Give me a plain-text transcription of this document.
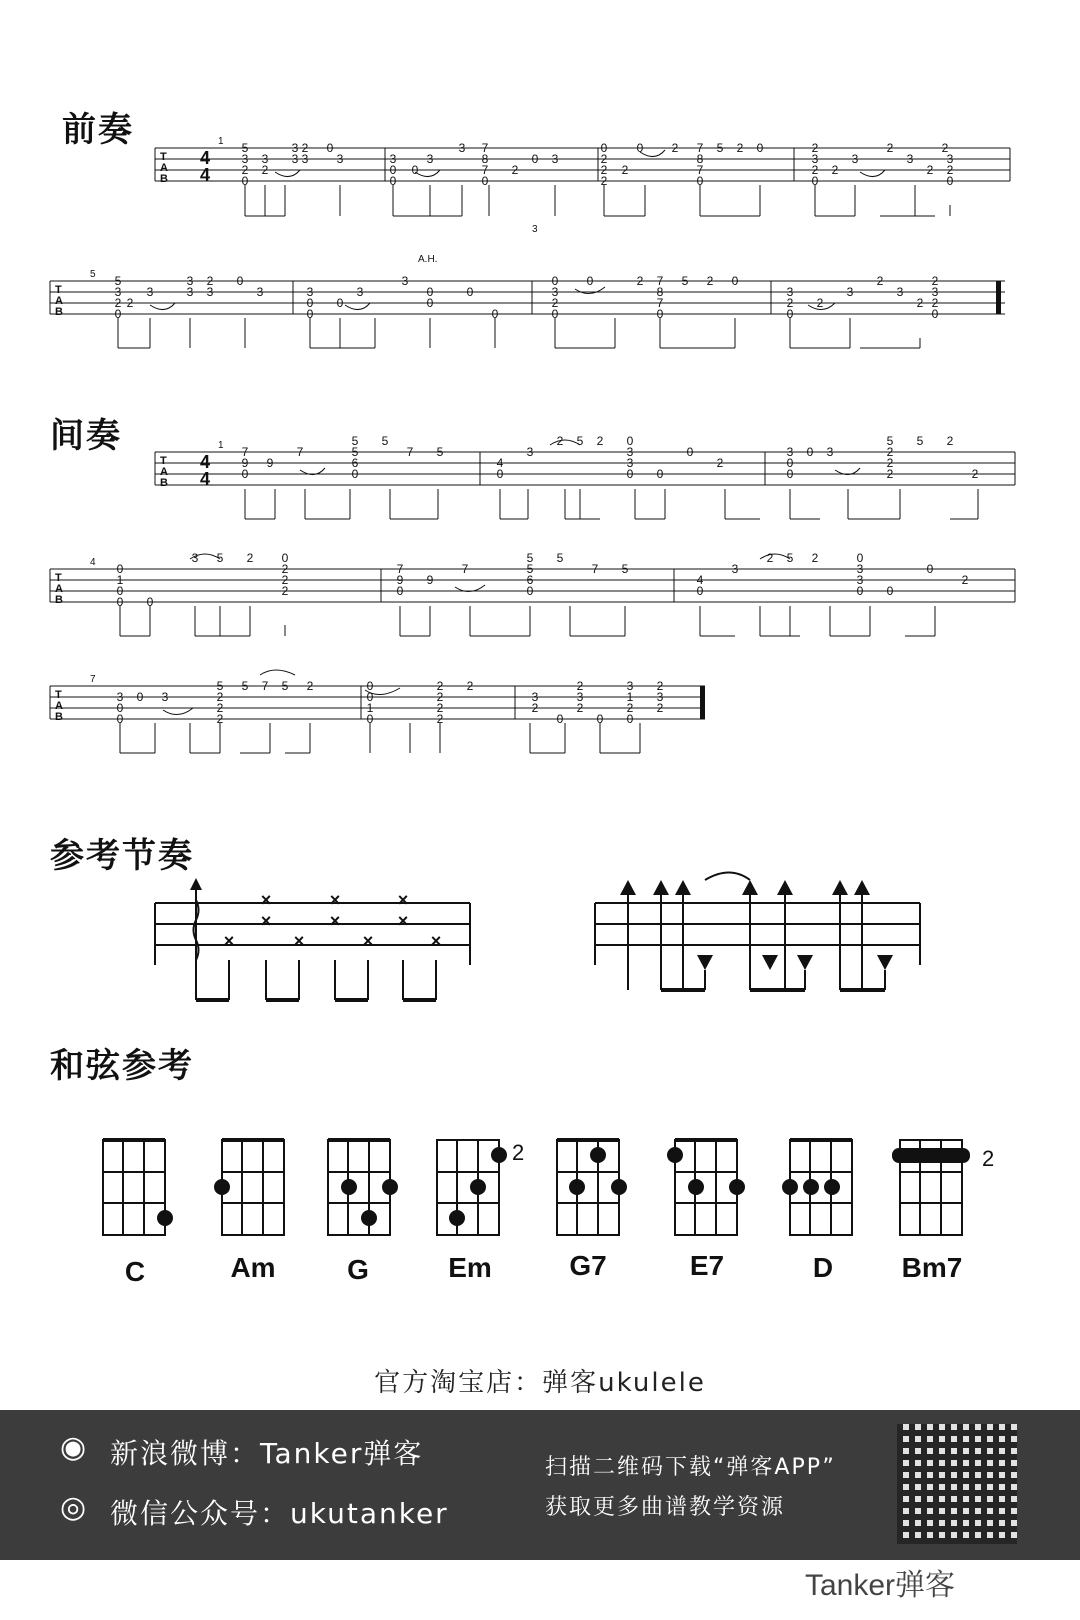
前奏
间奏
参考节奏
和弦参考
T
A
B
T
A
B
T
A
B
T
A
B
T
A
B
4
4
4
4
1
5
1
4
7
A.H.
3
5
3
2
0
3
2
3 2 0
3 3 3	3
0
0
0
3
3 7
8
7
0
2
0 3
0
2
2
2
2
0 2 7
8
7
0
5 2 0	2
3
2
0
2
3
2
3
2
2
3
2
0
5
3
2
0
2
3
3 2 0
3 3	3	3
0
0
0
3
3
0
0
0
0
0
3
2
0
0	2 7
8
7
0
5 2 0
3
2
0
2
3
2
3
2
3
2
0
2
7
9
0
9
7
5
5
6
0
5
7 5
4
0
3
2 5 2 0
3
3
0 0
0
2
3
0
0
0 3
5
2
2
2
5 2
2
0
1
0
0 0
3 5 2 0
2
2
2
7
9
0
9
7
5
5
6
0
5
7 5
4
0
3
2 5 2	0
3
3
0 0
0
2
3
0
0
0 3
5
2
2
2
5 7 5 2	0
0
1
0
2
2
2
2
2
3
2
0
2
3
2
0
3
1
2
0
2
3
2
×
×
×	×
×
×
×
×
×
×
2	2
C	Am	G	Em	G7	E7	D	Bm7
官方淘宝店：弹客ukulele
◉ 新浪微博：Tanker弹客
◎ 微信公众号：ukutanker
扫描二维码下载“弹客APP”
获取更多曲谱教学资源
Tanker弹客
